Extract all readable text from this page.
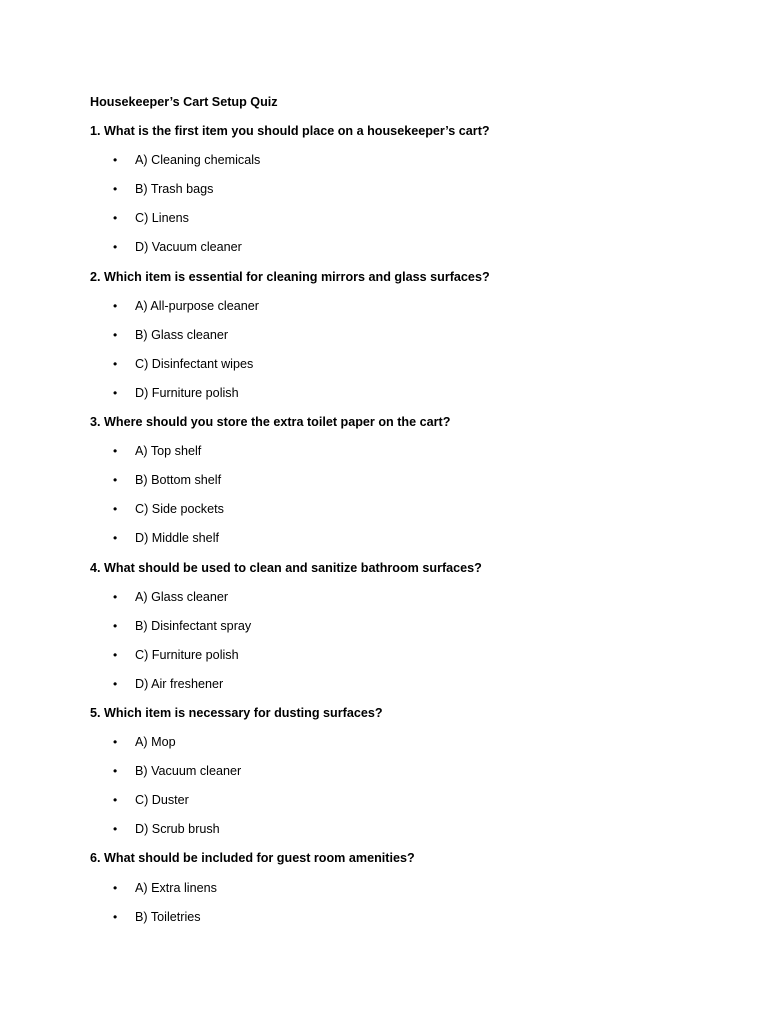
Housekeeper’s Cart Setup Quiz
1. What is the first item you should place on a housekeeper’s cart?
• A) Cleaning chemicals
• B) Trash bags
• C) Linens
• D) Vacuum cleaner
2. Which item is essential for cleaning mirrors and glass surfaces?
• A) All-purpose cleaner
• B) Glass cleaner
• C) Disinfectant wipes
• D) Furniture polish
3. Where should you store the extra toilet paper on the cart?
• A) Top shelf
• B) Bottom shelf
• C) Side pockets
• D) Middle shelf
4. What should be used to clean and sanitize bathroom surfaces?
• A) Glass cleaner
• B) Disinfectant spray
• C) Furniture polish
• D) Air freshener
5. Which item is necessary for dusting surfaces?
• A) Mop
• B) Vacuum cleaner
• C) Duster
• D) Scrub brush
6. What should be included for guest room amenities?
• A) Extra linens
• B) Toiletries
